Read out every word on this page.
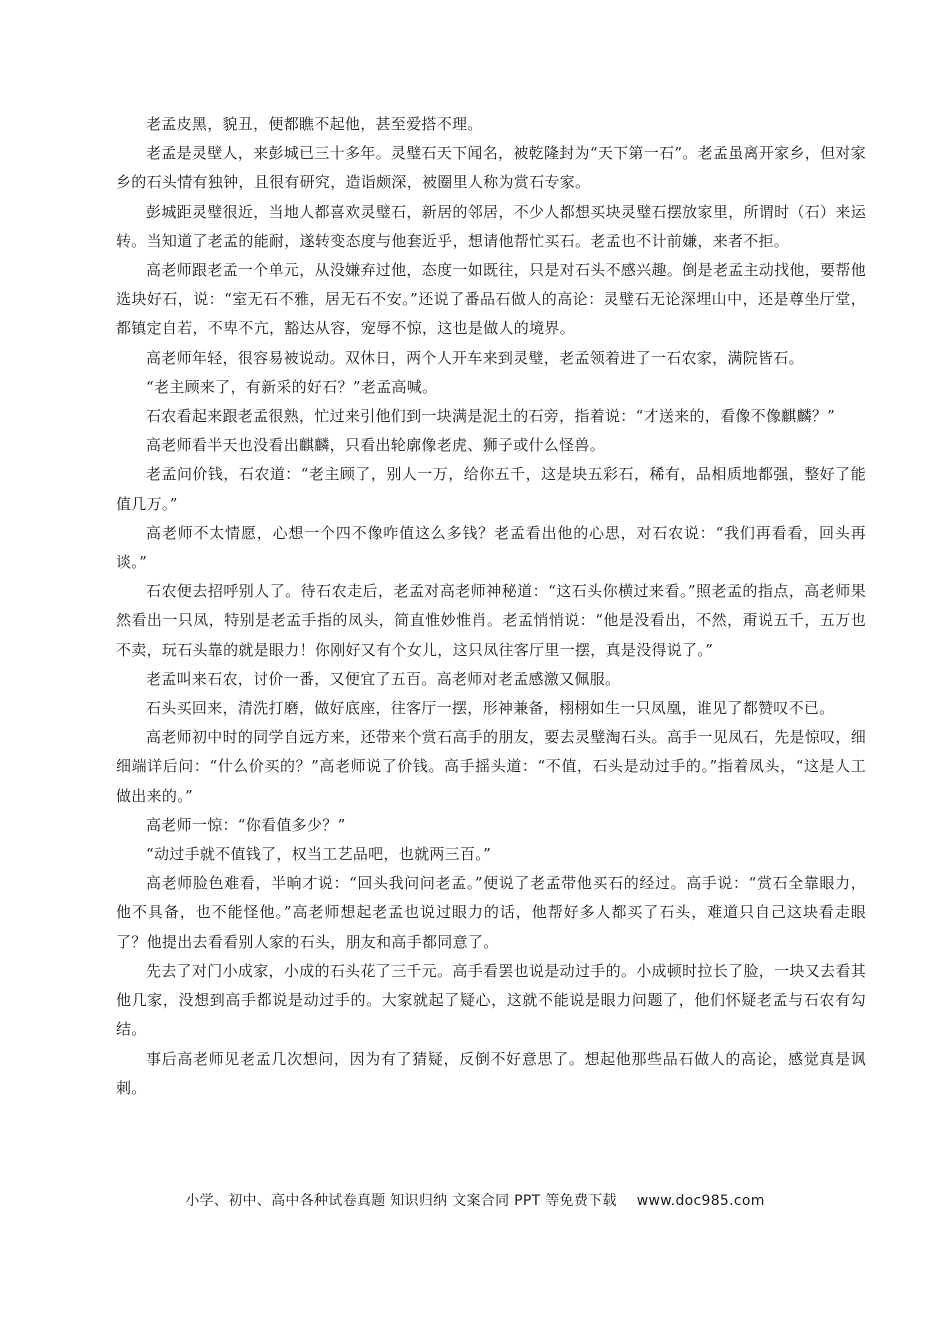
老孟皮黑，貌丑，便都瞧不起他，甚至爱搭不理。

老孟是灵壁人，来彭城已三十多年。灵璧石天下闻名，被乾隆封为“天下第一石”。老孟虽离开家乡，但对家乡的石头情有独钟，且很有研究，造诣颇深，被圈里人称为赏石专家。

彭城距灵璧很近，当地人都喜欢灵璧石，新居的邻居，不少人都想买块灵璧石摆放家里，所谓时（石）来运转。当知道了老孟的能耐，遂转变态度与他套近乎，想请他帮忙买石。老孟也不计前嫌，来者不拒。

高老师跟老孟一个单元，从没嫌弃过他，态度一如既往，只是对石头不感兴趣。倒是老孟主动找他，要帮他选块好石，说：“室无石不雅，居无石不安。”还说了番品石做人的高论：灵璧石无论深埋山中，还是尊坐厅堂，都镇定自若，不卑不亢，豁达从容，宠辱不惊，这也是做人的境界。

高老师年轻，很容易被说动。双休日，两个人开车来到灵璧，老孟领着进了一石农家，满院皆石。

“老主顾来了，有新采的好石？”老孟高喊。

石农看起来跟老孟很熟，忙过来引他们到一块满是泥土的石旁，指着说：“才送来的，看像不像麒麟？”

高老师看半天也没看出麒麟，只看出轮廓像老虎、狮子或什么怪兽。

老孟问价钱，石农道：“老主顾了，别人一万，给你五千，这是块五彩石，稀有，品相质地都强，整好了能值几万。”

高老师不太情愿，心想一个四不像咋值这么多钱？老孟看出他的心思，对石农说：“我们再看看，回头再谈。”

石农便去招呼别人了。待石农走后，老孟对高老师神秘道：“这石头你横过来看。”照老孟的指点，高老师果然看出一只凤，特别是老孟手指的凤头，简直惟妙惟肖。老孟悄悄说：“他是没看出，不然，甭说五千，五万也不卖，玩石头靠的就是眼力！你刚好又有个女儿，这只凤往客厅里一摆，真是没得说了。”

老孟叫来石农，讨价一番，又便宜了五百。高老师对老孟感激又佩服。

石头买回来，清洗打磨，做好底座，往客厅一摆，形神兼备，栩栩如生一只凤凰，谁见了都赞叹不已。

高老师初中时的同学自远方来，还带来个赏石高手的朋友，要去灵璧淘石头。高手一见凤石，先是惊叹，细细端详后问：“什么价买的？”高老师说了价钱。高手摇头道：“不值，石头是动过手的。”指着凤头，“这是人工做出来的。”

高老师一惊：“你看值多少？”

“动过手就不值钱了，权当工艺品吧，也就两三百。”

高老师脸色难看，半晌才说：“回头我问问老孟。”便说了老孟带他买石的经过。高手说：“赏石全靠眼力，他不具备，也不能怪他。”高老师想起老孟也说过眼力的话，他帮好多人都买了石头，难道只自己这块看走眼了？他提出去看看别人家的石头，朋友和高手都同意了。

先去了对门小成家，小成的石头花了三千元。高手看罢也说是动过手的。小成顿时拉长了脸，一块又去看其他几家，没想到高手都说是动过手的。大家就起了疑心，这就不能说是眼力问题了，他们怀疑老孟与石农有勾结。

事后高老师见老孟几次想问，因为有了猜疑，反倒不好意思了。想起他那些品石做人的高论，感觉真是讽刺。

小学、初中、高中各种试卷真题 知识归纳 文案合同 PPT 等免费下载 www.doc985.com
